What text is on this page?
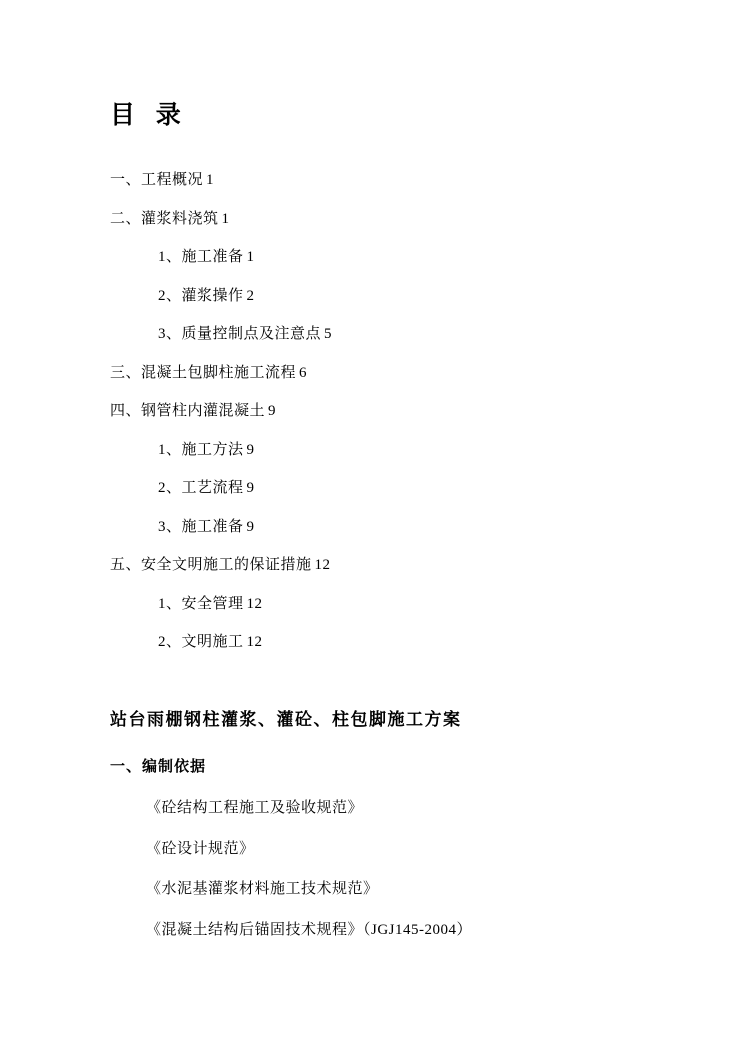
目 录
一、工程概况 1
二、灌浆料浇筑 1
1、施工准备 1
2、灌浆操作 2
3、质量控制点及注意点 5
三、混凝土包脚柱施工流程 6
四、钢管柱内灌混凝土 9
1、施工方法 9
2、工艺流程 9
3、施工准备 9
五、安全文明施工的保证措施 12
1、安全管理 12
2、文明施工 12
站台雨棚钢柱灌浆、灌砼、柱包脚施工方案
一、编制依据
《砼结构工程施工及验收规范》
《砼设计规范》
《水泥基灌浆材料施工技术规范》
《混凝土结构后锚固技术规程》（JGJ145-2004）
